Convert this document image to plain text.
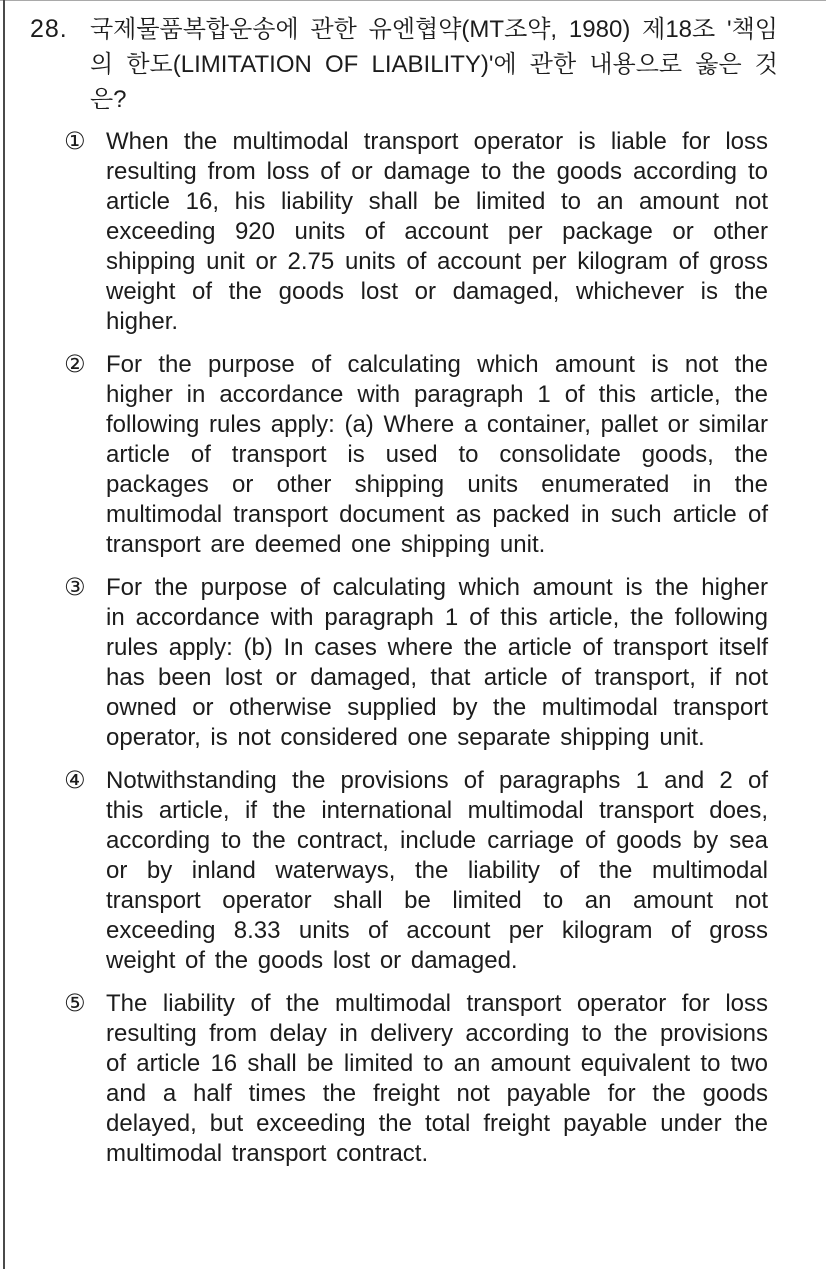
28. 국제물품복합운송에 관한 유엔협약(MT조약, 1980) 제18조 '책임의 한도(LIMITATION OF LIABILITY)'에 관한 내용으로 옳은 것은?
① When the multimodal transport operator is liable for loss resulting from loss of or damage to the goods according to article 16, his liability shall be limited to an amount not exceeding 920 units of account per package or other shipping unit or 2.75 units of account per kilogram of gross weight of the goods lost or damaged, whichever is the higher.
② For the purpose of calculating which amount is not the higher in accordance with paragraph 1 of this article, the following rules apply: (a) Where a container, pallet or similar article of transport is used to consolidate goods, the packages or other shipping units enumerated in the multimodal transport document as packed in such article of transport are deemed one shipping unit.
③ For the purpose of calculating which amount is the higher in accordance with paragraph 1 of this article, the following rules apply: (b) In cases where the article of transport itself has been lost or damaged, that article of transport, if not owned or otherwise supplied by the multimodal transport operator, is not considered one separate shipping unit.
④ Notwithstanding the provisions of paragraphs 1 and 2 of this article, if the international multimodal transport does, according to the contract, include carriage of goods by sea or by inland waterways, the liability of the multimodal transport operator shall be limited to an amount not exceeding 8.33 units of account per kilogram of gross weight of the goods lost or damaged.
⑤ The liability of the multimodal transport operator for loss resulting from delay in delivery according to the provisions of article 16 shall be limited to an amount equivalent to two and a half times the freight not payable for the goods delayed, but exceeding the total freight payable under the multimodal transport contract.
